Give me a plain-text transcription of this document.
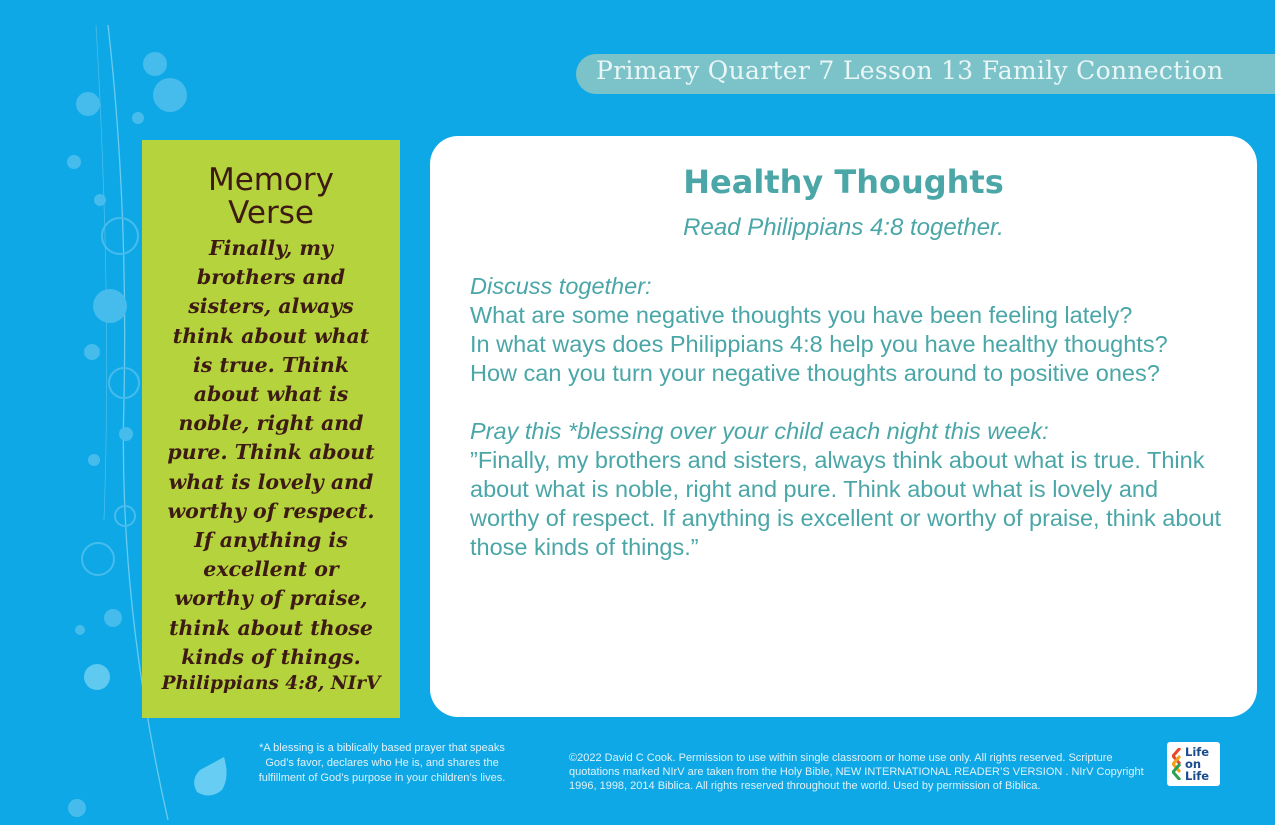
Primary Quarter 7 Lesson 13 Family Connection
Memory
Verse
Finally, my
brothers and
sisters, always
think about what
is true. Think
about what is
noble, right and
pure. Think about
what is lovely and
worthy of respect.
If anything is
excellent or
worthy of praise,
think about those
kinds of things.
Philippians 4:8, NIrV
Healthy Thoughts
Read Philippians 4:8 together.

Discuss together:

What are some negative thoughts you have been feeling lately?

In what ways does Philippians 4:8 help you have healthy thoughts?

How can you turn your negative thoughts around to positive ones?

Pray this *blessing over your child each night this week:

”Finally, my brothers and sisters, always think about what is true. Think about what is noble, right and pure. Think about what is lovely and worthy of respect. If anything is excellent or worthy of praise, think about those kinds of things.”

*A blessing is a biblically based prayer that speaks God’s favor, declares who He is, and shares the fulfillment of God’s purpose in your children’s lives.
©2022 David C Cook. Permission to use within single classroom or home use only. All rights reserved. Scripture quotations marked NIrV are taken from the Holy Bible, NEW INTERNATIONAL READER’S VERSION . NIrV Copyright 1996, 1998, 2014 Biblica. All rights reserved throughout the world. Used by permission of Biblica.
Life
on
Life
